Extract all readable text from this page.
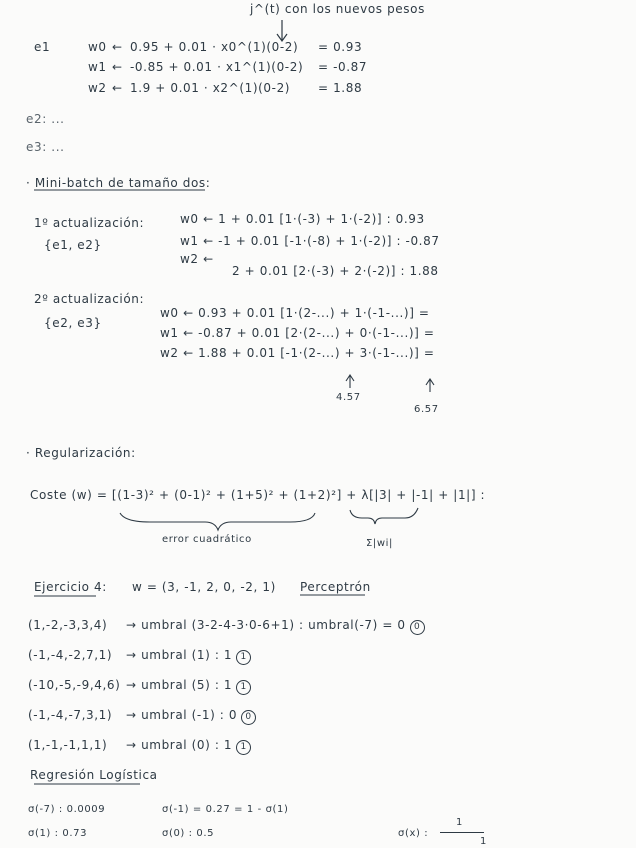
j^(t) con los nuevos pesos
e1	w0 ← 0.95 + 0.01 · x0^(1)(0-2) = 0.93
w1 ← -0.85 + 0.01 · x1^(1)(0-2) = -0.87
w2 ← 1.9 + 0.01 · x2^(1)(0-2) = 1.88
e2: ...
e3: ...
· Mini-batch de tamaño dos:
1º actualización:
{e1, e2}
w0 ← 1 + 0.01 [1·(-3) + 1·(-2)] : 0.93
w1 ← -1 + 0.01 [-1·(-8) + 1·(-2)] : -0.87
w2 ←
2 + 0.01 [2·(-3) + 2·(-2)] : 1.88
2º actualización:
{e2, e3}
w0 ← 0.93 + 0.01 [1·(2-...) + 1·(-1-...)] =
w1 ← -0.87 + 0.01 [2·(2-...) + 0·(-1-...)] =
w2 ← 1.88 + 0.01 [-1·(2-...) + 3·(-1-...)] =
4.57
6.57
· Regularización:
Coste (w) = [(1-3)² + (0-1)² + (1+5)² + (1+2)²] + λ[|3| + |-1| + |1|] :
error cuadrático	Σ|wi|
Ejercicio 4: w = (3, -1, 2, 0, -2, 1) Perceptrón
(1,-2,-3,3,4) → umbral (3-2-4-3·0-6+1) : umbral(-7) = 0 0
(-1,-4,-2,7,1) → umbral (1) : 1 1
(-10,-5,-9,4,6) → umbral (5) : 1 1
(-1,-4,-7,3,1) → umbral (-1) : 0 0
(1,-1,-1,1,1) → umbral (0) : 1 1
Regresión Logística
σ(-7) : 0.0009	σ(-1) = 0.27 = 1 - σ(1)
σ(1) : 0.73	σ(0) : 0.5	σ(x) :
1
1
